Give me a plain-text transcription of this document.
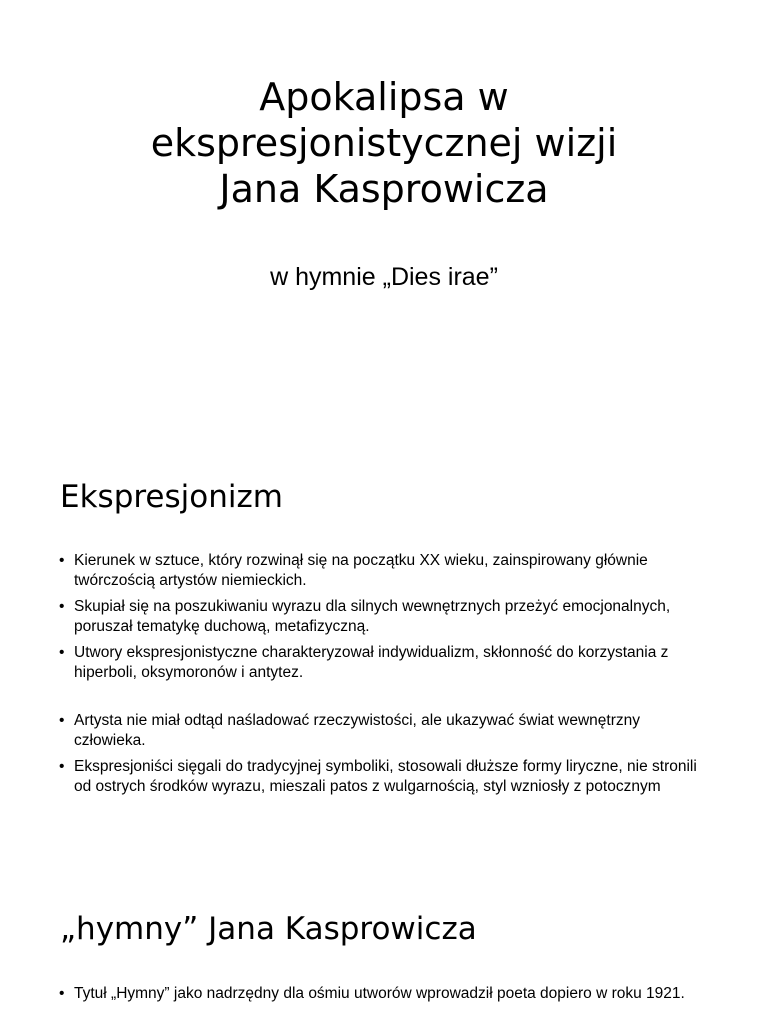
Apokalipsa w
ekspresjonistycznej wizji
Jana Kasprowicza

w hymnie „Dies irae”

Ekspresjonizm
• Kierunek w sztuce, który rozwinął się na początku XX wieku, zainspirowany głównie twórczością artystów niemieckich.
• Skupiał się na poszukiwaniu wyrazu dla silnych wewnętrznych przeżyć emocjonalnych, poruszał tematykę duchową, metafizyczną.
• Utwory ekspresjonistyczne charakteryzował indywidualizm, skłonność do korzystania z hiperboli, oksymoronów i antytez.
• Artysta nie miał odtąd naśladować rzeczywistości, ale ukazywać świat wewnętrzny człowieka.
• Ekspresjoniści sięgali do tradycyjnej symboliki, stosowali dłuższe formy liryczne, nie stronili od ostrych środków wyrazu, mieszali patos z wulgarnością, styl wzniosły z potocznym
„hymny” Jana Kasprowicza
• Tytuł „Hymny” jako nadrzędny dla ośmiu utworów wprowadził poeta dopiero w roku 1921.
